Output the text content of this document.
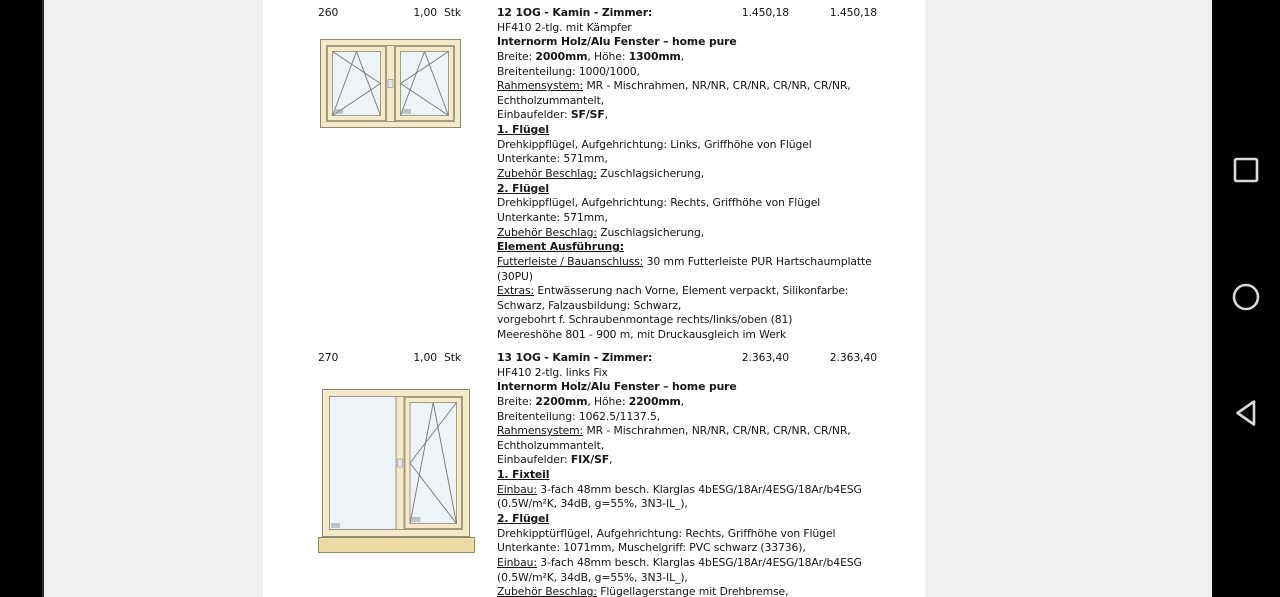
260	1,00 Stk	12 1OG - Kamin - Zimmer:	1.450,18	1.450,18
HF410 2-tlg. mit Kämpfer
Internorm Holz/Alu Fenster – home pure
Breite: 2000mm, Höhe: 1300mm,
Breitenteilung: 1000/1000,
Rahmensystem: MR - Mischrahmen, NR/NR, CR/NR, CR/NR, CR/NR,
Echtholzummantelt,
Einbaufelder: SF/SF,
1. Flügel
Drehkippflügel, Aufgehrichtung: Links, Griffhöhe von Flügel
Unterkante: 571mm,
Zubehör Beschlag: Zuschlagsicherung,
2. Flügel
Drehkippflügel, Aufgehrichtung: Rechts, Griffhöhe von Flügel
Unterkante: 571mm,
Zubehör Beschlag: Zuschlagsicherung,
Element Ausführung:
Futterleiste / Bauanschluss: 30 mm Futterleiste PUR Hartschaumplatte
(30PU)
Extras: Entwässerung nach Vorne, Element verpackt, Silikonfarbe:
Schwarz, Falzausbildung: Schwarz,
vorgebohrt f. Schraubenmontage rechts/links/oben (81)
Meereshöhe 801 - 900 m, mit Druckausgleich im Werk
270	1,00 Stk	13 1OG - Kamin - Zimmer:	2.363,40	2.363,40
HF410 2-tlg. links Fix
Internorm Holz/Alu Fenster – home pure
Breite: 2200mm, Höhe: 2200mm,
Breitenteilung: 1062.5/1137.5,
Rahmensystem: MR - Mischrahmen, NR/NR, CR/NR, CR/NR, CR/NR,
Echtholzummantelt,
Einbaufelder: FIX/SF,
1. Fixteil
Einbau: 3-fach 48mm besch. Klarglas 4bESG/18Ar/4ESG/18Ar/b4ESG
(0.5W/m²K, 34dB, g=55%, 3N3-IL_),
2. Flügel
Drehkipptürflügel, Aufgehrichtung: Rechts, Griffhöhe von Flügel
Unterkante: 1071mm, Muschelgriff: PVC schwarz (33736),
Einbau: 3-fach 48mm besch. Klarglas 4bESG/18Ar/4ESG/18Ar/b4ESG
(0.5W/m²K, 34dB, g=55%, 3N3-IL_),
Zubehör Beschlag: Flügellagerstange mit Drehbremse,
